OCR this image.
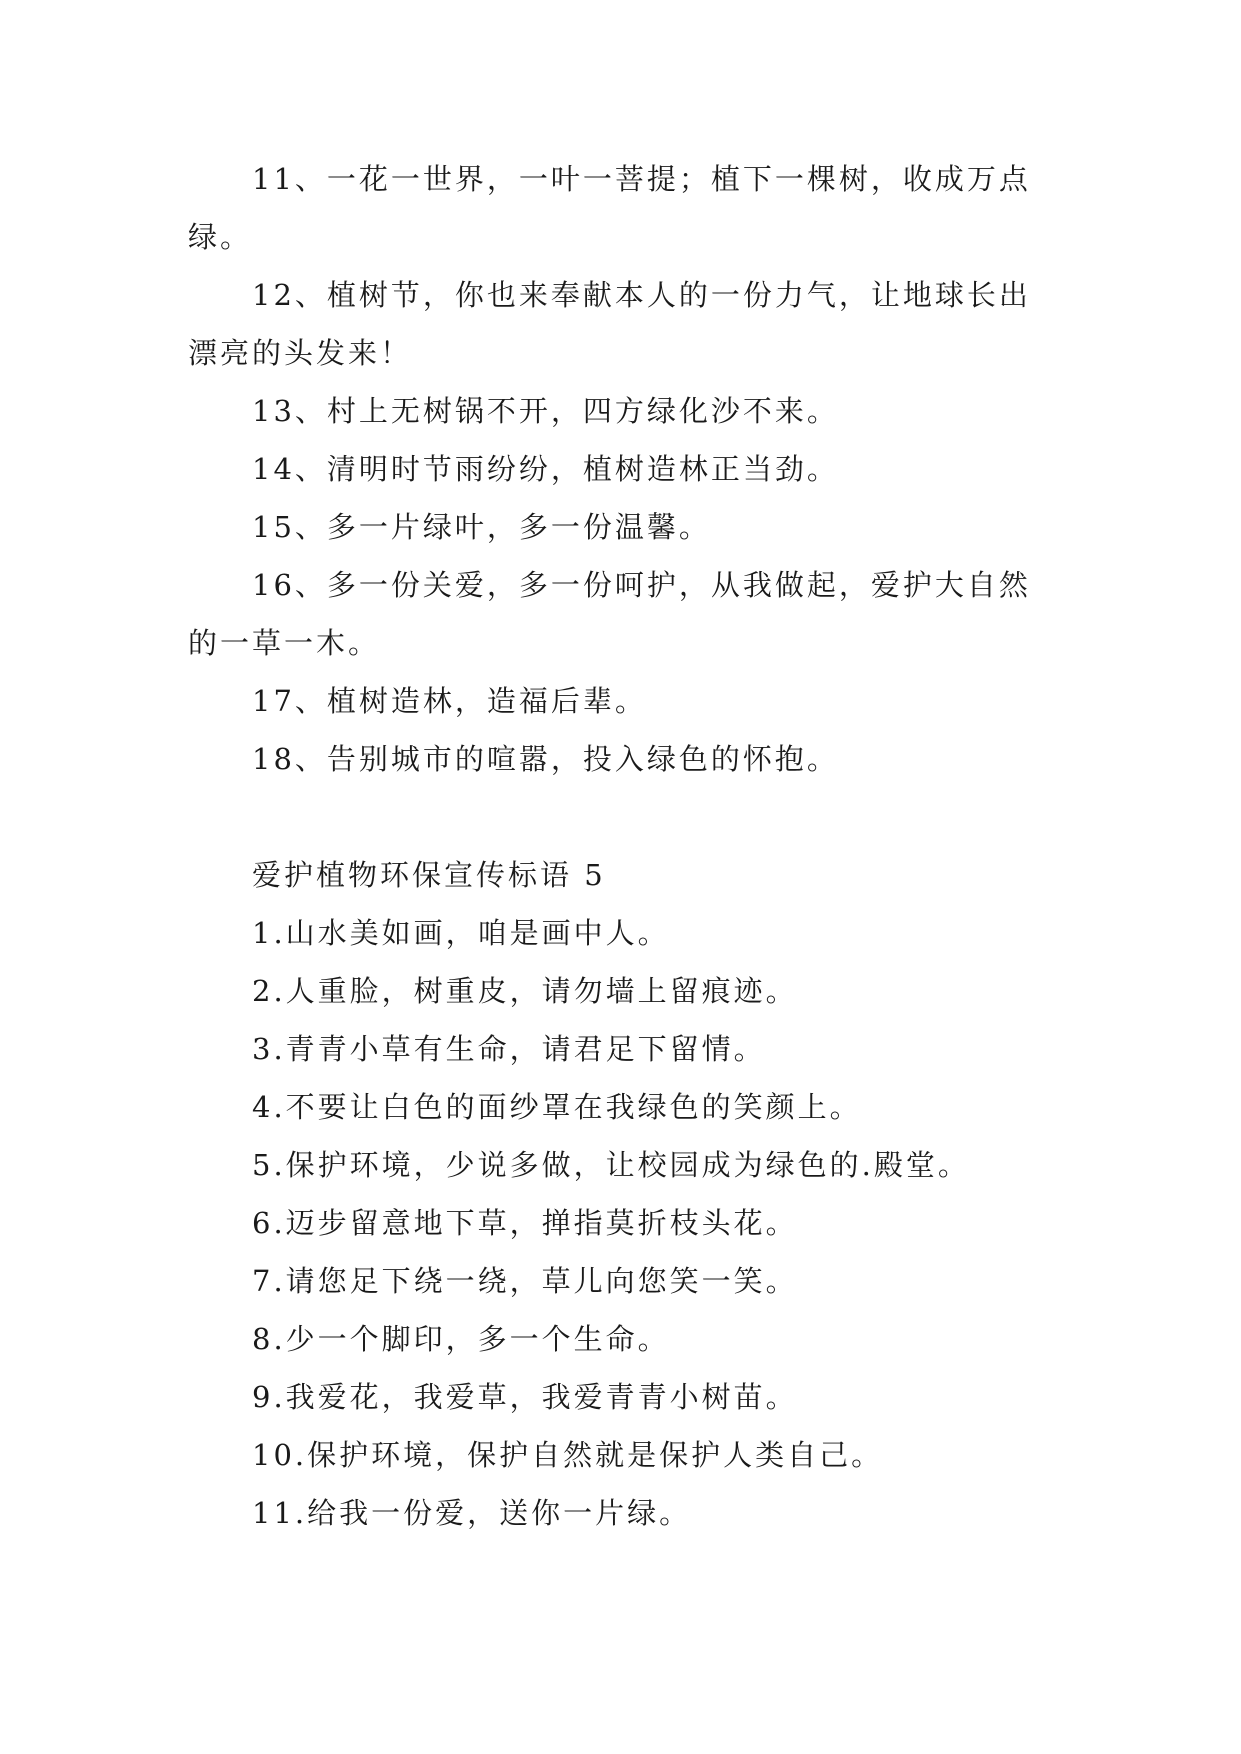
11、一花一世界，一叶一菩提；植下一棵树，收成万点绿。

12、植树节，你也来奉献本人的一份力气，让地球长出漂亮的头发来！

13、村上无树锅不开，四方绿化沙不来。

14、清明时节雨纷纷，植树造林正当劲。

15、多一片绿叶，多一份温馨。

16、多一份关爱，多一份呵护，从我做起，爱护大自然的一草一木。

17、植树造林，造福后辈。

18、告别城市的喧嚣，投入绿色的怀抱。

爱护植物环保宣传标语 5

1.山水美如画，咱是画中人。

2.人重脸，树重皮，请勿墙上留痕迹。

3.青青小草有生命，请君足下留情。

4.不要让白色的面纱罩在我绿色的笑颜上。

5.保护环境，少说多做，让校园成为绿色的.殿堂。

6.迈步留意地下草，掸指莫折枝头花。

7.请您足下绕一绕，草儿向您笑一笑。

8.少一个脚印，多一个生命。

9.我爱花，我爱草，我爱青青小树苗。

10.保护环境，保护自然就是保护人类自己。

11.给我一份爱，送你一片绿。
